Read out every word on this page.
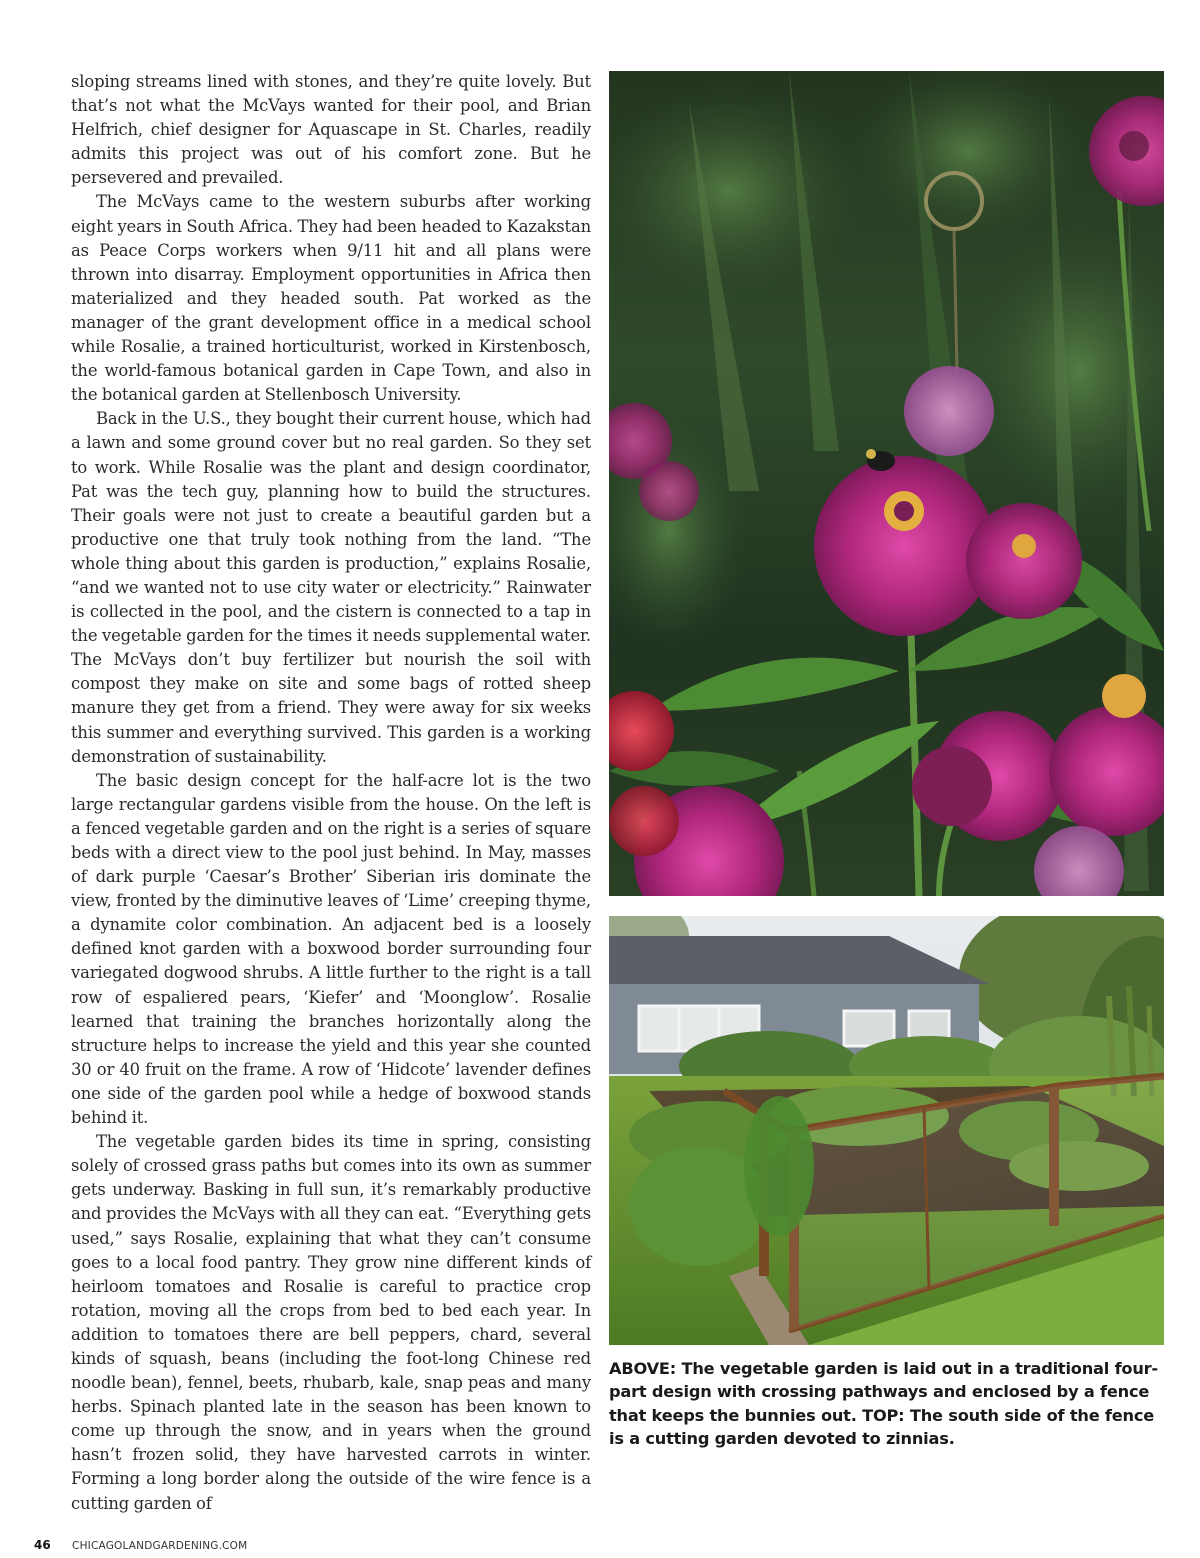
sloping streams lined with stones, and they’re quite lovely. But that’s not what the McVays wanted for their pool, and Brian Helfrich, chief designer for Aquascape in St. Charles, readily admits this project was out of his comfort zone. But he persevered and prevailed.

The McVays came to the western suburbs after working eight years in South Africa. They had been headed to Kazakstan as Peace Corps workers when 9/11 hit and all plans were thrown into disarray. Employment opportunities in Africa then materialized and they headed south. Pat worked as the manager of the grant development office in a medical school while Rosalie, a trained horticulturist, worked in Kirstenbosch, the world-famous botanical garden in Cape Town, and also in the botanical garden at Stellenbosch University.

Back in the U.S., they bought their current house, which had a lawn and some ground cover but no real garden. So they set to work. While Rosalie was the plant and design coordinator, Pat was the tech guy, planning how to build the structures. Their goals were not just to create a beautiful garden but a productive one that truly took nothing from the land. “The whole thing about this garden is production,” explains Rosalie, “and we wanted not to use city water or electricity.” Rainwater is collected in the pool, and the cistern is connected to a tap in the vegetable garden for the times it needs supplemental water. The McVays don’t buy fertilizer but nourish the soil with compost they make on site and some bags of rotted sheep manure they get from a friend. They were away for six weeks this summer and everything survived. This garden is a working demonstration of sustainability.

The basic design concept for the half-acre lot is the two large rectangular gardens visible from the house. On the left is a fenced vegetable garden and on the right is a series of square beds with a direct view to the pool just behind. In May, masses of dark purple ‘Caesar’s Brother’ Siberian iris dominate the view, fronted by the diminutive leaves of ‘Lime’ creeping thyme, a dynamite color combination. An adjacent bed is a loosely defined knot garden with a boxwood border surrounding four variegated dogwood shrubs. A little further to the right is a tall row of espaliered pears, ‘Kiefer’ and ‘Moonglow’. Rosalie learned that training the branches horizontally along the structure helps to increase the yield and this year she counted 30 or 40 fruit on the frame. A row of ‘Hidcote’ lavender defines one side of the garden pool while a hedge of boxwood stands behind it.

The vegetable garden bides its time in spring, consisting solely of crossed grass paths but comes into its own as summer gets underway. Basking in full sun, it’s remarkably productive and provides the McVays with all they can eat. “Everything gets used,” says Rosalie, explaining that what they can’t consume goes to a local food pantry. They grow nine different kinds of heirloom tomatoes and Rosalie is careful to practice crop rotation, moving all the crops from bed to bed each year. In addition to tomatoes there are bell peppers, chard, several kinds of squash, beans (including the foot-long Chinese red noodle bean), fennel, beets, rhubarb, kale, snap peas and many herbs. Spinach planted late in the season has been known to come up through the snow, and in years when the ground hasn’t frozen solid, they have harvested carrots in winter. Forming a long border along the outside of the wire fence is a cutting garden of

ABOVE: The vegetable garden is laid out in a traditional four-part design with crossing pathways and enclosed by a fence that keeps the bunnies out. TOP: The south side of the fence is a cutting garden devoted to zinnias.
46 CHICAGOLANDGARDENING.COM
